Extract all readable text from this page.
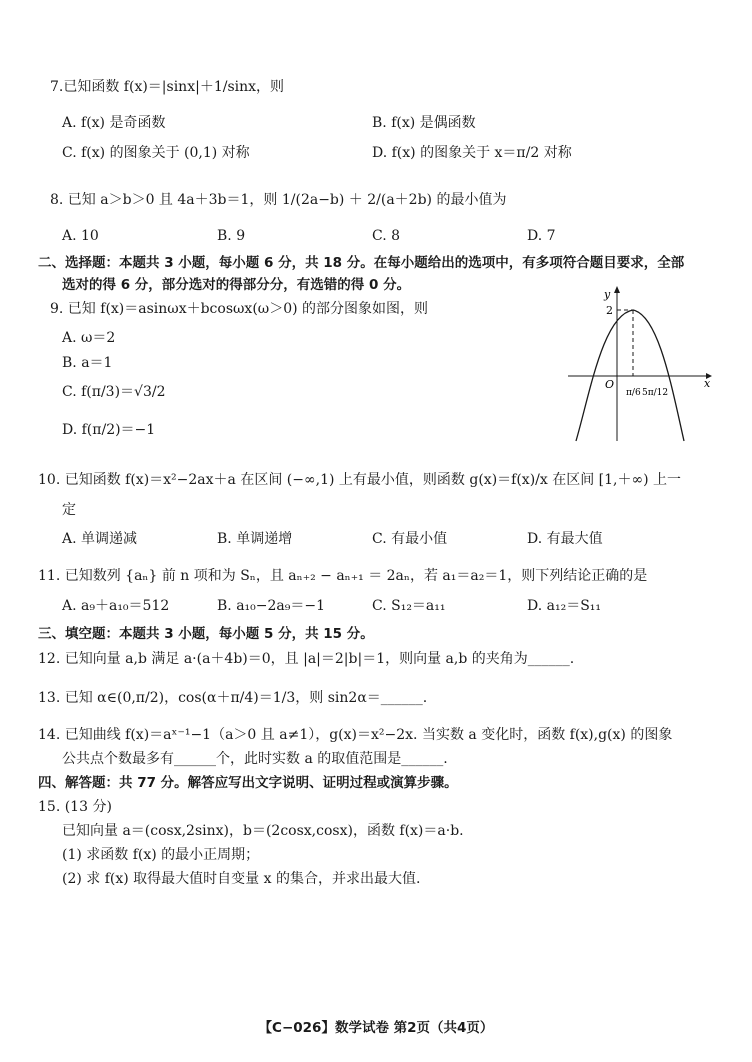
7.已知函数 f(x)＝|sinx|＋1/sinx，则
A. f(x) 是奇函数	B. f(x) 是偶函数
C. f(x) 的图象关于 (0,1) 对称	D. f(x) 的图象关于 x＝π/2 对称
8. 已知 a＞b＞0 且 4a＋3b＝1，则 1/(2a−b) ＋ 2/(a＋2b) 的最小值为
A. 10	B. 9	C. 8	D. 7
二、选择题：本题共 3 小题，每小题 6 分，共 18 分。在每小题给出的选项中，有多项符合题目要求，全部
选对的得 6 分，部分选对的得部分分，有选错的得 0 分。
9. 已知 f(x)＝asinωx＋bcosωx(ω＞0) 的部分图象如图，则
A. ω＝2
B. a＝1
C. f(π/3)＝√3/2
D. f(π/2)＝−1
y
x
O
2
π/6 5π/12
10. 已知函数 f(x)＝x²−2ax＋a 在区间 (−∞,1) 上有最小值，则函数 g(x)＝f(x)/x 在区间 [1,＋∞) 上一
定
A. 单调递减	B. 单调递增	C. 有最小值	D. 有最大值
11. 已知数列 {aₙ} 前 n 项和为 Sₙ，且 aₙ₊₂ − aₙ₊₁ ＝ 2aₙ，若 a₁＝a₂＝1，则下列结论正确的是
A. a₉＋a₁₀＝512	B. a₁₀−2a₉＝−1	C. S₁₂＝a₁₁	D. a₁₂＝S₁₁
三、填空题：本题共 3 小题，每小题 5 分，共 15 分。
12. 已知向量 a,b 满足 a·(a＋4b)＝0，且 |a|＝2|b|＝1，则向量 a,b 的夹角为______.
13. 已知 α∈(0,π/2)，cos(α＋π/4)＝1/3，则 sin2α＝______.
14. 已知曲线 f(x)＝aˣ⁻¹−1（a＞0 且 a≠1），g(x)＝x²−2x. 当实数 a 变化时，函数 f(x),g(x) 的图象
公共点个数最多有______个，此时实数 a 的取值范围是______.
四、解答题：共 77 分。解答应写出文字说明、证明过程或演算步骤。
15. (13 分)
已知向量 a＝(cosx,2sinx)，b＝(2cosx,cosx)，函数 f(x)＝a·b.
(1) 求函数 f(x) 的最小正周期；
(2) 求 f(x) 取得最大值时自变量 x 的集合，并求出最大值.
【C−026】数学试卷 第2页（共4页）
